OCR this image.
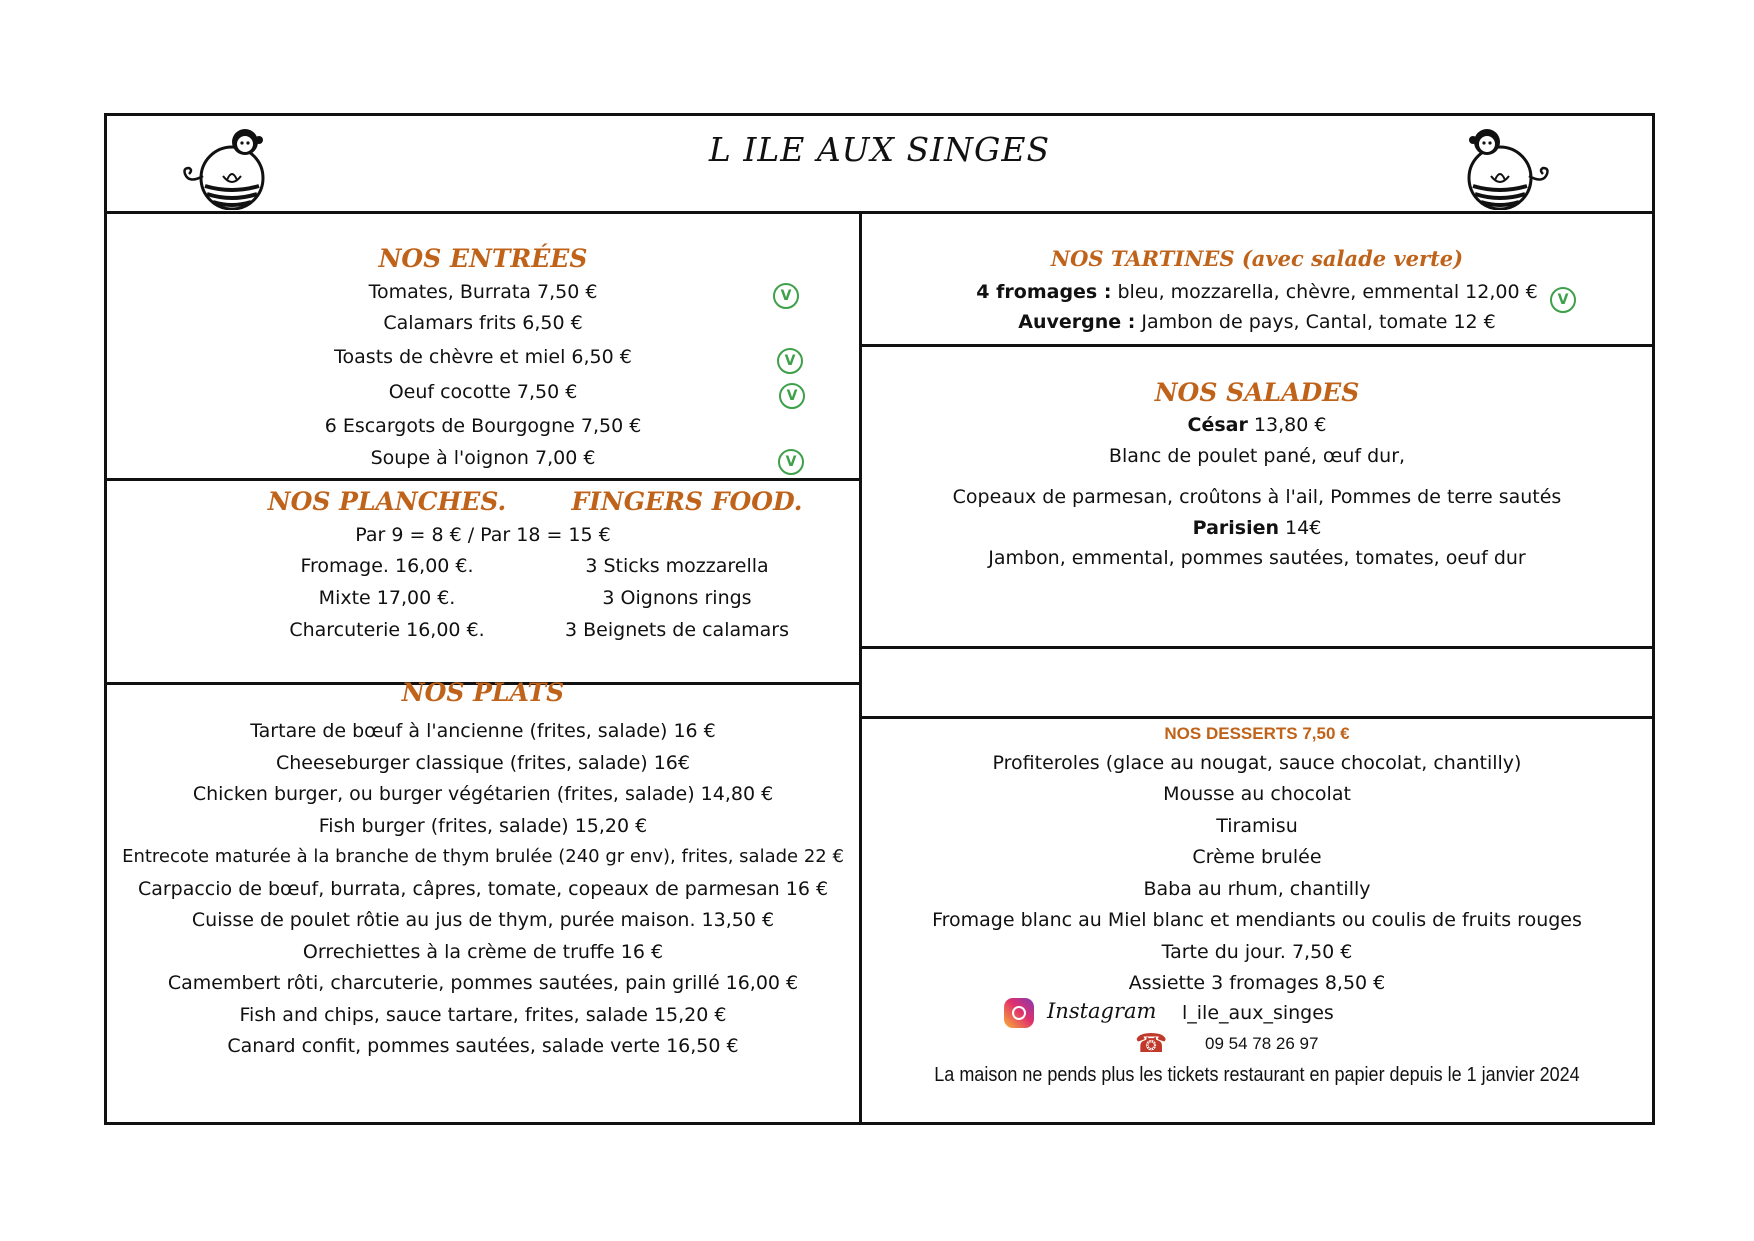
L ILE AUX SINGES
NOS ENTRÉES
Tomates, Burrata 7,50 €
Calamars frits 6,50 €
Toasts de chèvre et miel 6,50 €
Oeuf cocotte 7,50 €
6 Escargots de Bourgogne 7,50 €
Soupe à l'oignon 7,00 €
V
V
V
V
NOS PLANCHES.	FINGERS FOOD.
Par 9 = 8 € / Par 18 = 15 €
Fromage. 16,00 €.
Mixte 17,00 €.
Charcuterie 16,00 €.
3 Sticks mozzarella
3 Oignons rings
3 Beignets de calamars
NOS PLATS
Tartare de bœuf à l'ancienne (frites, salade) 16 €
Cheeseburger classique (frites, salade) 16€
Chicken burger, ou burger végétarien (frites, salade) 14,80 €
Fish burger (frites, salade) 15,20 €
Entrecote maturée à la branche de thym brulée (240 gr env), frites, salade 22 €
Carpaccio de bœuf, burrata, câpres, tomate, copeaux de parmesan 16 €
Cuisse de poulet rôtie au jus de thym, purée maison. 13,50 €
Orrechiettes à la crème de truffe 16 €
Camembert rôti, charcuterie, pommes sautées, pain grillé 16,00 €
Fish and chips, sauce tartare, frites, salade 15,20 €
Canard confit, pommes sautées, salade verte 16,50 €
NOS TARTINES (avec salade verte)
4 fromages : bleu, mozzarella, chèvre, emmental 12,00 €
Auvergne : Jambon de pays, Cantal, tomate 12 €
V
NOS SALADES
César 13,80 €
Blanc de poulet pané, œuf dur,
Copeaux de parmesan, croûtons à l'ail, Pommes de terre sautés
Parisien 14€
Jambon, emmental, pommes sautées, tomates, oeuf dur
NOS DESSERTS 7,50 €
Profiteroles (glace au nougat, sauce chocolat, chantilly)
Mousse au chocolat
Tiramisu
Crème brulée
Baba au rhum, chantilly
Fromage blanc au Miel blanc et mendiants ou coulis de fruits rouges
Tarte du jour. 7,50 €
Assiette 3 fromages 8,50 €
Instagram l_ile_aux_singes
☎ 09 54 78 26 97
La maison ne pends plus les tickets restaurant en papier depuis le 1 janvier 2024
